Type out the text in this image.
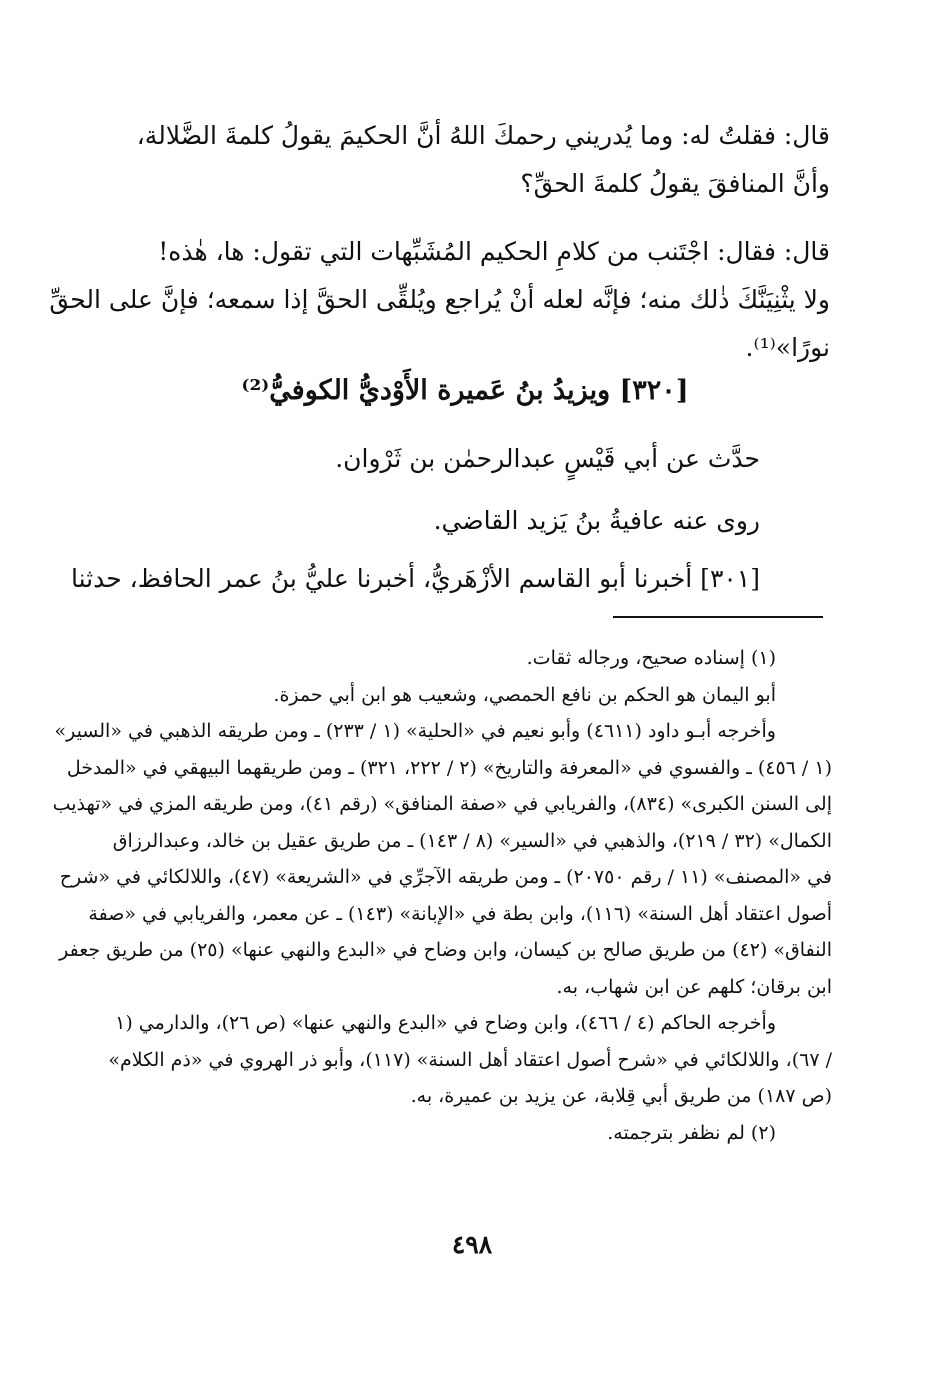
قال: فقلتُ له: وما يُدريني رحمكَ اللهُ أنَّ الحكيمَ يقولُ كلمةَ الضَّلالة،
وأنَّ المنافقَ يقولُ كلمةَ الحقِّ؟
قال: فقال: اجْتَنب من كلامِ الحكيم المُشَبِّهات التي تقول: ها، هٰذه!
ولا يثْنِيَنَّكَ ذٰلك منه؛ فإنَّه لعله أنْ يُراجع ويُلقِّى الحقَّ إذا سمعه؛ فإنَّ على الحقِّ
نورًا»⁽¹⁾.
[٣٢٠] ويزيدُ بنُ عَميرة الأَوْديُّ الكوفيُّ⁽²⁾
حدَّث عن أبي قَيْسٍ عبدالرحمٰن بن ثَرْوان.
روى عنه عافيةُ بنُ يَزيد القاضي.
[٣٠١] أخبرنا أبو القاسم الأزْهَريُّ، أخبرنا عليُّ بنُ عمر الحافظ، حدثنا
(١) إسناده صحيح، ورجاله ثقات.
أبو اليمان هو الحكم بن نافع الحمصي، وشعيب هو ابن أبي حمزة.
وأخرجه أبـو داود (٤٦١١) وأبو نعيم في «الحلية» (١ / ٢٣٣) ـ ومن طريقه الذهبي في «السير»
(١ / ٤٥٦) ـ والفسوي في «المعرفة والتاريخ» (٢ / ٢٢٢، ٣٢١) ـ ومن طريقهما البيهقي في «المدخل
إلى السنن الكبرى» (٨٣٤)، والفريابي في «صفة المنافق» (رقم ٤١)، ومن طريقه المزي في «تهذيب
الكمال» (٣٢ / ٢١٩)، والذهبي في «السير» (٨ / ١٤٣) ـ من طريق عقيل بن خالد، وعبدالرزاق
في «المصنف» (١١ / رقم ٢٠٧٥٠) ـ ومن طريقه الآجرِّي في «الشريعة» (٤٧)، واللالكائي في «شرح
أصول اعتقاد أهل السنة» (١١٦)، وابن بطة في «الإبانة» (١٤٣) ـ عن معمر، والفريابي في «صفة
النفاق» (٤٢) من طريق صالح بن كيسان، وابن وضاح في «البدع والنهي عنها» (٢٥) من طريق جعفر
ابن برقان؛ كلهم عن ابن شهاب، به.
وأخرجه الحاكم (٤ / ٤٦٦)، وابن وضاح في «البدع والنهي عنها» (ص ٢٦)، والدارمي (١
/ ٦٧)، واللالكائي في «شرح أصول اعتقاد أهل السنة» (١١٧)، وأبو ذر الهروي في «ذم الكلام»
(ص ١٨٧) من طريق أبي قِلابة، عن يزيد بن عميرة، به.
(٢) لم نظفر بترجمته.
٤٩٨
